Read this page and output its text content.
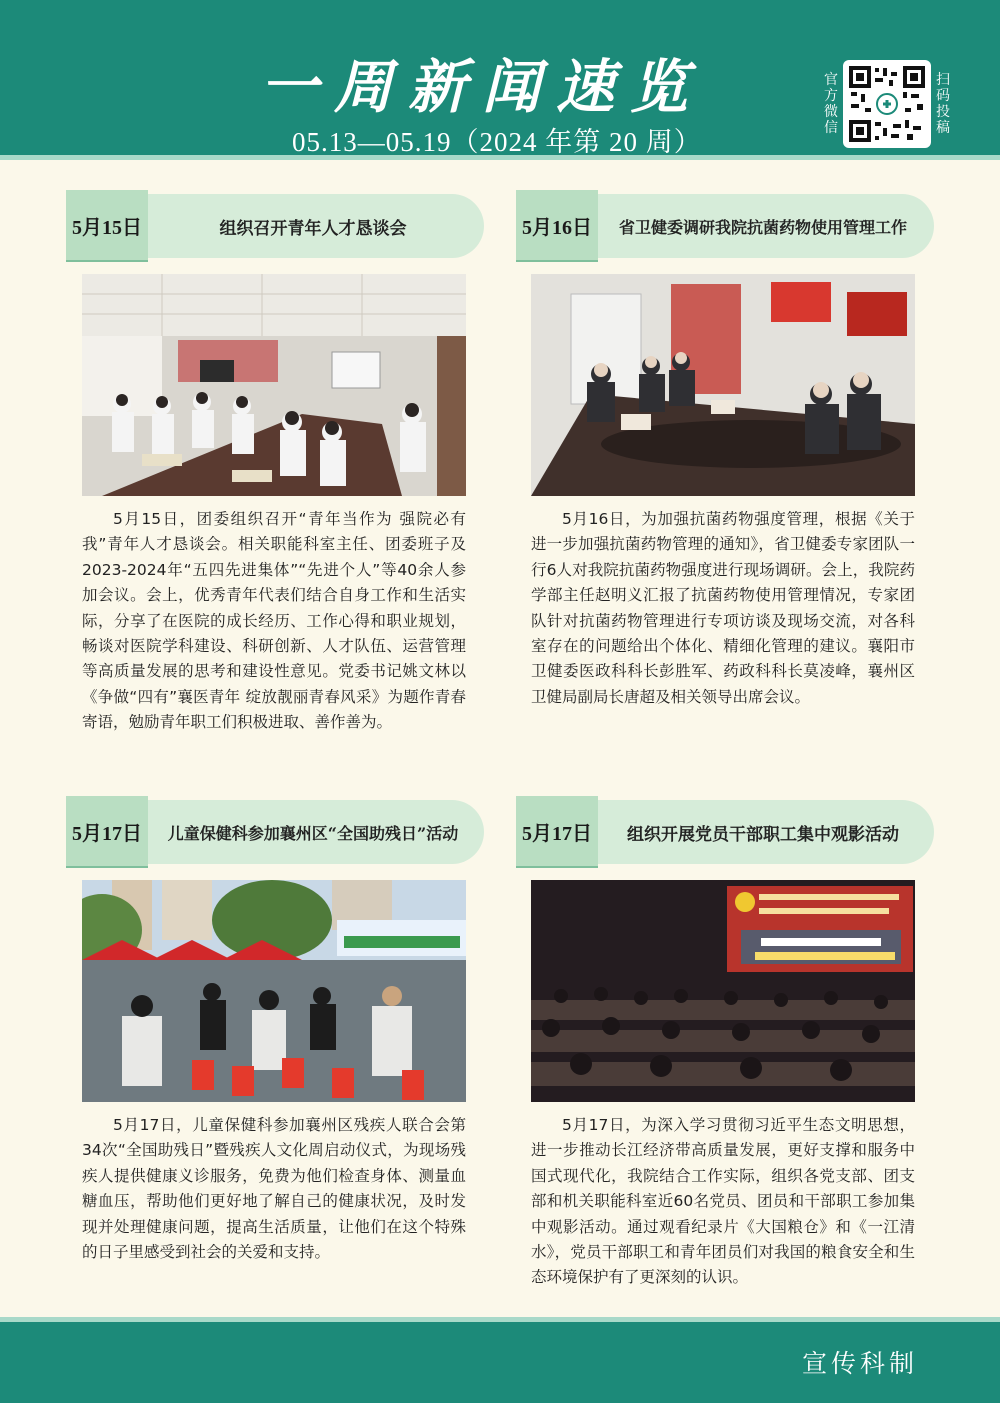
一周新闻速览
05.13—05.19（2024 年第 20 周）
官方微信
扫码投稿
5月15日	组织召开青年人才恳谈会
5月15日，团委组织召开“青年当作为 强院必有我”青年人才恳谈会。相关职能科室主任、团委班子及2023-2024年“五四先进集体”“先进个人”等40余人参加会议。会上，优秀青年代表们结合自身工作和生活实际，分享了在医院的成长经历、工作心得和职业规划，畅谈对医院学科建设、科研创新、人才队伍、运营管理等高质量发展的思考和建设性意见。党委书记姚文林以《争做“四有”襄医青年 绽放靓丽青春风采》为题作青春寄语，勉励青年职工们积极进取、善作善为。
5月16日	省卫健委调研我院抗菌药物使用管理工作
5月16日，为加强抗菌药物强度管理，根据《关于进一步加强抗菌药物管理的通知》，省卫健委专家团队一行6人对我院抗菌药物强度进行现场调研。会上，我院药学部主任赵明义汇报了抗菌药物使用管理情况，专家团队针对抗菌药物管理进行专项访谈及现场交流，对各科室存在的问题给出个体化、精细化管理的建议。襄阳市卫健委医政科科长彭胜军、药政科科长莫凌峰，襄州区卫健局副局长唐超及相关领导出席会议。
5月17日	儿童保健科参加襄州区“全国助残日”活动
5月17日，儿童保健科参加襄州区残疾人联合会第34次“全国助残日”暨残疾人文化周启动仪式，为现场残疾人提供健康义诊服务，免费为他们检查身体、测量血糖血压，帮助他们更好地了解自己的健康状况，及时发现并处理健康问题，提高生活质量，让他们在这个特殊的日子里感受到社会的关爱和支持。
5月17日	组织开展党员干部职工集中观影活动
5月17日，为深入学习贯彻习近平生态文明思想，进一步推动长江经济带高质量发展，更好支撑和服务中国式现代化，我院结合工作实际，组织各党支部、团支部和机关职能科室近60名党员、团员和干部职工参加集中观影活动。通过观看纪录片《大国粮仓》和《一江清水》，党员干部职工和青年团员们对我国的粮食安全和生态环境保护有了更深刻的认识。
宣传科制
